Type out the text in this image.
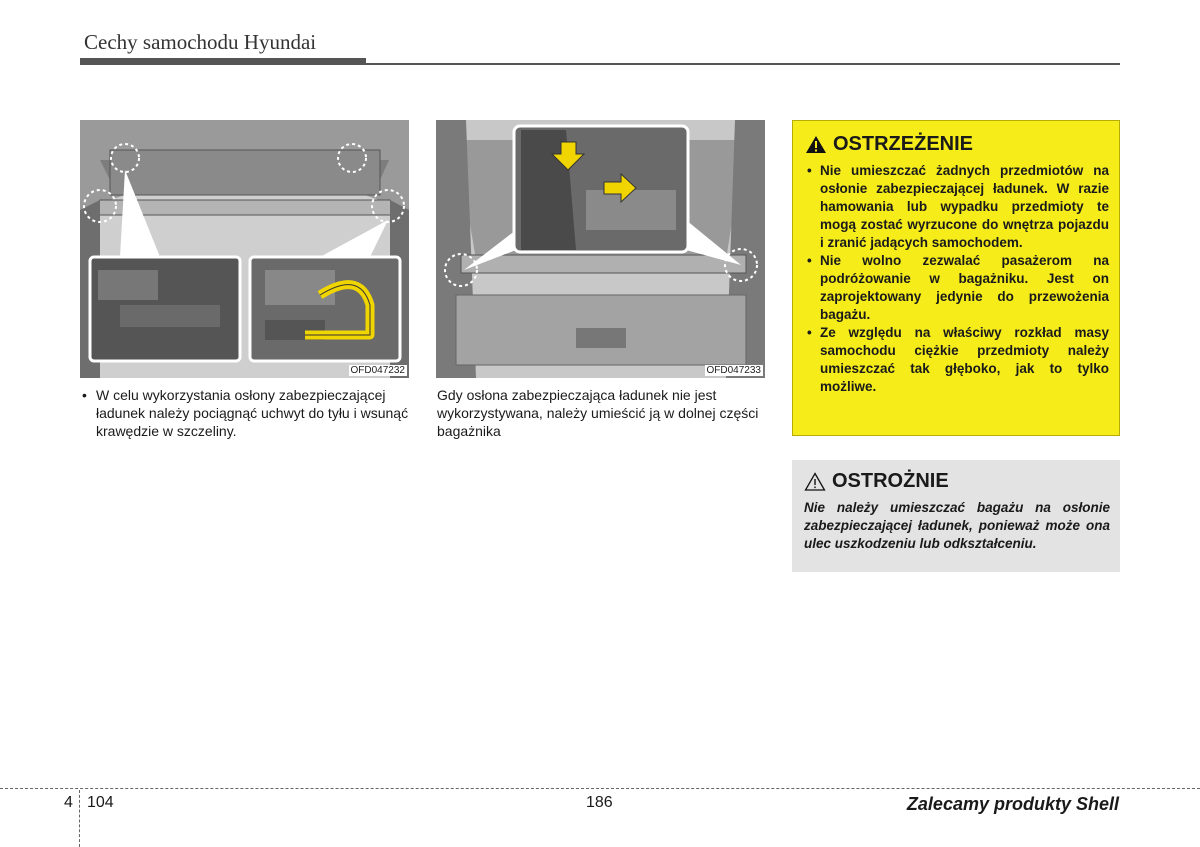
Cechy samochodu Hyundai
OFD047232	OFD047233
• W celu wykorzystania osłony zabezpieczającej ładunek należy pociągnąć uchwyt do tyłu i wsunąć krawędzie w szczeliny.
Gdy osłona zabezpieczająca ładunek nie jest wykorzystywana, należy umieścić ją w dolnej części bagażnika
OSTRZEŻENIE
• Nie umieszczać żadnych przedmiotów na osłonie zabezpieczającej ładunek. W razie hamowania lub wypadku przedmioty te mogą zostać wyrzucone do wnętrza pojazdu i zranić jadących samochodem.
• Nie wolno zezwalać pasażerom na podróżowanie w bagażniku. Jest on zaprojektowany jedynie do przewożenia bagażu.
• Ze względu na właściwy rozkład masy samochodu ciężkie przedmioty należy umieszczać tak głęboko, jak to tylko możliwe.
OSTROŻNIE
Nie należy umieszczać bagażu na osłonie zabezpieczającej ładunek, ponieważ może ona ulec uszkodzeniu lub odkształceniu.
4 104	186	Zalecamy produkty Shell
